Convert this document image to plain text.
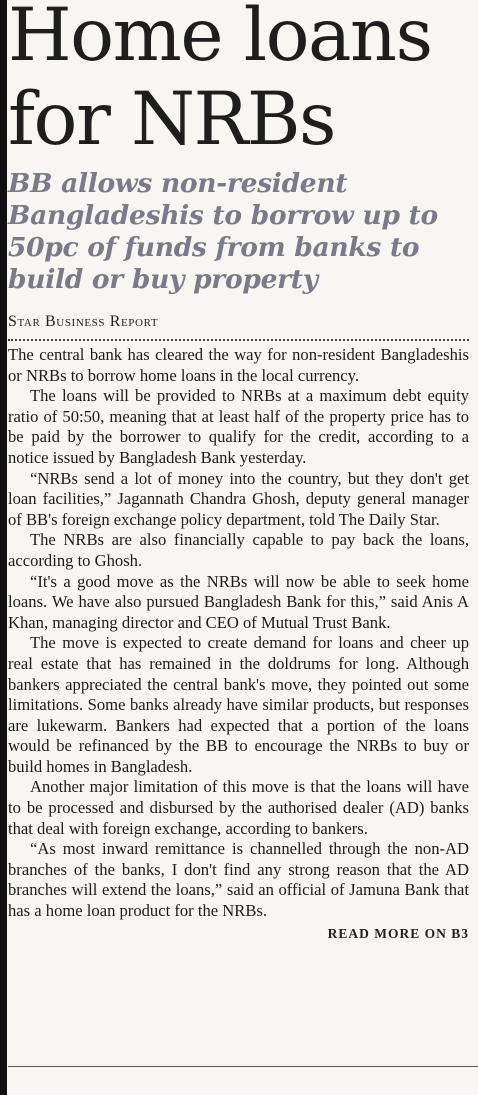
Home loans for NRBs
BB allows non-resident Bangladeshis to borrow up to 50pc of funds from banks to build or buy property
Star Business Report

The central bank has cleared the way for non-resident Bangladeshis or NRBs to borrow home loans in the local currency.

The loans will be provided to NRBs at a maximum debt equity ratio of 50:50, meaning that at least half of the property price has to be paid by the borrower to qualify for the credit, according to a notice issued by Bangladesh Bank yesterday.

“NRBs send a lot of money into the country, but they don't get loan facilities,” Jagannath Chandra Ghosh, deputy general manager of BB's foreign exchange policy department, told The Daily Star.

The NRBs are also financially capable to pay back the loans, according to Ghosh.

“It's a good move as the NRBs will now be able to seek home loans. We have also pursued Bangladesh Bank for this,” said Anis A Khan, managing director and CEO of Mutual Trust Bank.

The move is expected to create demand for loans and cheer up real estate that has remained in the doldrums for long. Although bankers appreciated the central bank's move, they pointed out some limitations. Some banks already have similar products, but responses are lukewarm. Bankers had expected that a portion of the loans would be refinanced by the BB to encourage the NRBs to buy or build homes in Bangladesh.

Another major limitation of this move is that the loans will have to be processed and disbursed by the authorised dealer (AD) banks that deal with foreign exchange, according to bankers.

“As most inward remittance is channelled through the non-AD branches of the banks, I don't find any strong reason that the AD branches will extend the loans,” said an official of Jamuna Bank that has a home loan product for the NRBs.

READ MORE ON B3
